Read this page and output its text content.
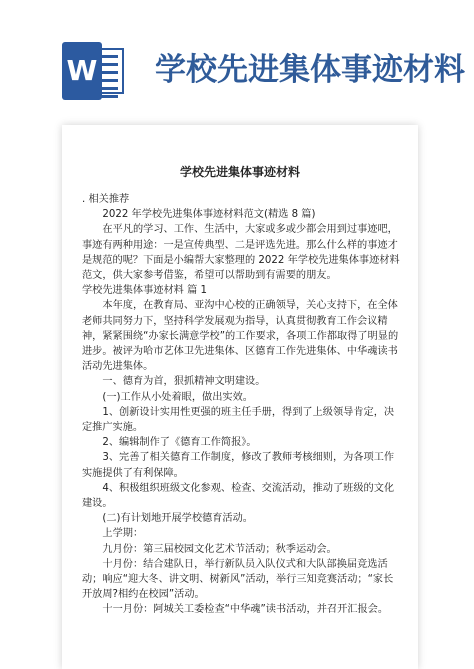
W 学校先进集体事迹材料
学校先进集体事迹材料

. 相关推荐

2022 年学校先进集体事迹材料范文(精选 8 篇)

在平凡的学习、工作、生活中，大家或多或少都会用到过事迹吧，事迹有两种用途：一是宣传典型、二是评选先进。那么什么样的事迹才是规范的呢？下面是小编帮大家整理的 2022 年学校先进集体事迹材料范文，供大家参考借鉴，希望可以帮助到有需要的朋友。

学校先进集体事迹材料 篇 1

本年度，在教育局、亚沟中心校的正确领导，关心支持下，在全体老师共同努力下，坚持科学发展观为指导，认真贯彻教育工作会议精神，紧紧围绕“办家长满意学校”的工作要求，各项工作都取得了明显的进步。被评为哈市艺体卫先进集体、区德育工作先进集体、中华魂读书活动先进集体。

一、德育为首，狠抓精神文明建设。

(一)工作从小处着眼，做出实效。

1、创新设计实用性更强的班主任手册，得到了上级领导肯定，决定推广实施。

2、编辑制作了《德育工作简报》。

3、完善了相关德育工作制度，修改了教师考核细则，为各项工作实施提供了有利保障。

4、积极组织班级文化参观、检查、交流活动，推动了班级的文化建设。

(二)有计划地开展学校德育活动。

上学期：

九月份：第三届校园文化艺术节活动；秋季运动会。

十月份：结合建队日，举行新队员入队仪式和大队部换届竞选活动；响应“迎大冬、讲文明、树新风”活动，举行三知竞赛活动；“家长开放周?相约在校园”活动。

十一月份：阿城关工委检查“中华魂”读书活动，并召开汇报会。
